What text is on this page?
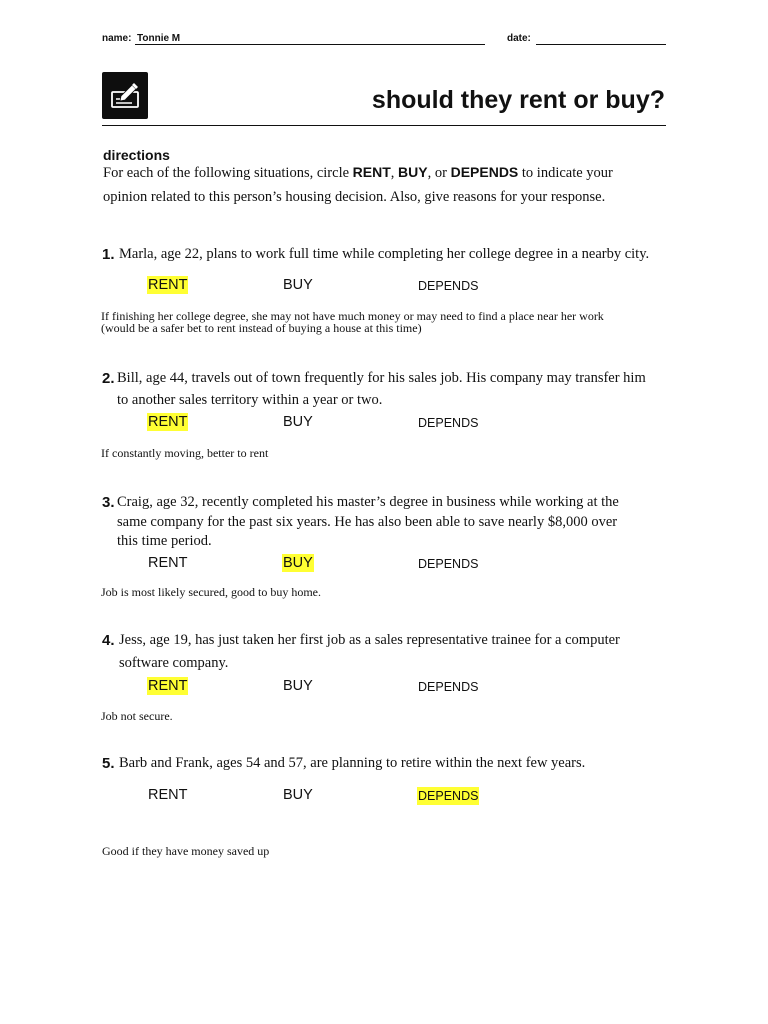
name: Tonnie M	date:
should they rent or buy?
directions
For each of the following situations, circle RENT, BUY, or DEPENDS to indicate your
opinion related to this person’s housing decision. Also, give reasons for your response.
1. Marla, age 22, plans to work full time while completing her college degree in a nearby city.
RENT	BUY	DEPENDS
If finishing her college degree, she may not have much money or may need to find a place near her work
(would be a safer bet to rent instead of buying a house at this time)
2. Bill, age 44, travels out of town frequently for his sales job. His company may transfer him
to another sales territory within a year or two.
RENT	BUY	DEPENDS
If constantly moving, better to rent
3. Craig, age 32, recently completed his master’s degree in business while working at the
same company for the past six years. He has also been able to save nearly $8,000 over
this time period.
RENT	BUY	DEPENDS
Job is most likely secured, good to buy home.
4. Jess, age 19, has just taken her first job as a sales representative trainee for a computer
software company.
RENT	BUY	DEPENDS
Job not secure.
5. Barb and Frank, ages 54 and 57, are planning to retire within the next few years.
RENT	BUY	DEPENDS
Good if they have money saved up
